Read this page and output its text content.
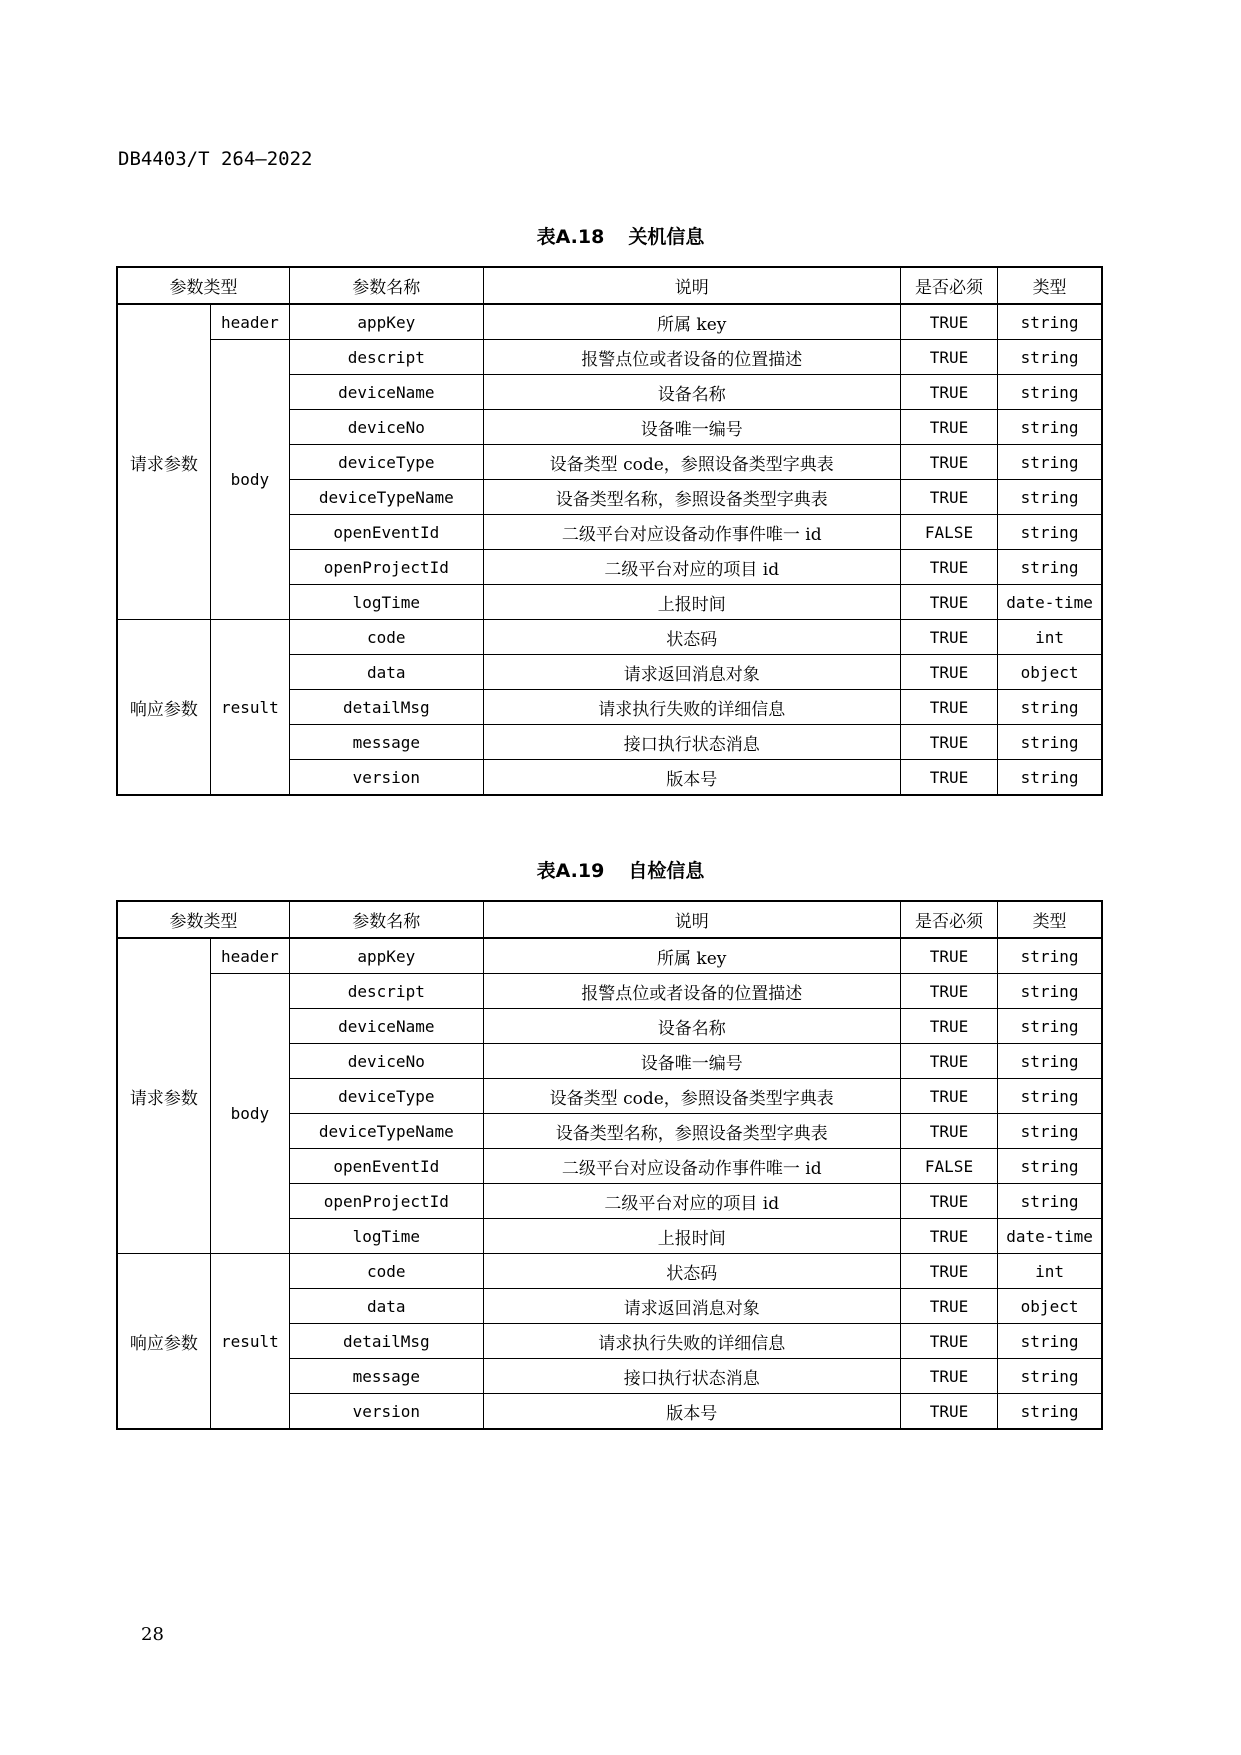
DB4403/T 264—2022
表A.18 关机信息
参数类型		参数名称	说明	是否必须	类型
请求参数	header	appKey	所属 key	TRUE	string
	body	descript	报警点位或者设备的位置描述	TRUE	string
		deviceName	设备名称	TRUE	string
		deviceNo	设备唯一编号	TRUE	string
		deviceType	设备类型 code，参照设备类型字典表	TRUE	string
		deviceTypeName	设备类型名称，参照设备类型字典表	TRUE	string
		openEventId	二级平台对应设备动作事件唯一 id	FALSE	string
		openProjectId	二级平台对应的项目 id	TRUE	string
		logTime	上报时间	TRUE	date-time
响应参数	result	code	状态码	TRUE	int
		data	请求返回消息对象	TRUE	object
		detailMsg	请求执行失败的详细信息	TRUE	string
		message	接口执行状态消息	TRUE	string
		version	版本号	TRUE	string
表A.19 自检信息
参数类型		参数名称	说明	是否必须	类型
请求参数	header	appKey	所属 key	TRUE	string
	body	descript	报警点位或者设备的位置描述	TRUE	string
		deviceName	设备名称	TRUE	string
		deviceNo	设备唯一编号	TRUE	string
		deviceType	设备类型 code，参照设备类型字典表	TRUE	string
		deviceTypeName	设备类型名称，参照设备类型字典表	TRUE	string
		openEventId	二级平台对应设备动作事件唯一 id	FALSE	string
		openProjectId	二级平台对应的项目 id	TRUE	string
		logTime	上报时间	TRUE	date-time
响应参数	result	code	状态码	TRUE	int
		data	请求返回消息对象	TRUE	object
		detailMsg	请求执行失败的详细信息	TRUE	string
		message	接口执行状态消息	TRUE	string
		version	版本号	TRUE	string
28
